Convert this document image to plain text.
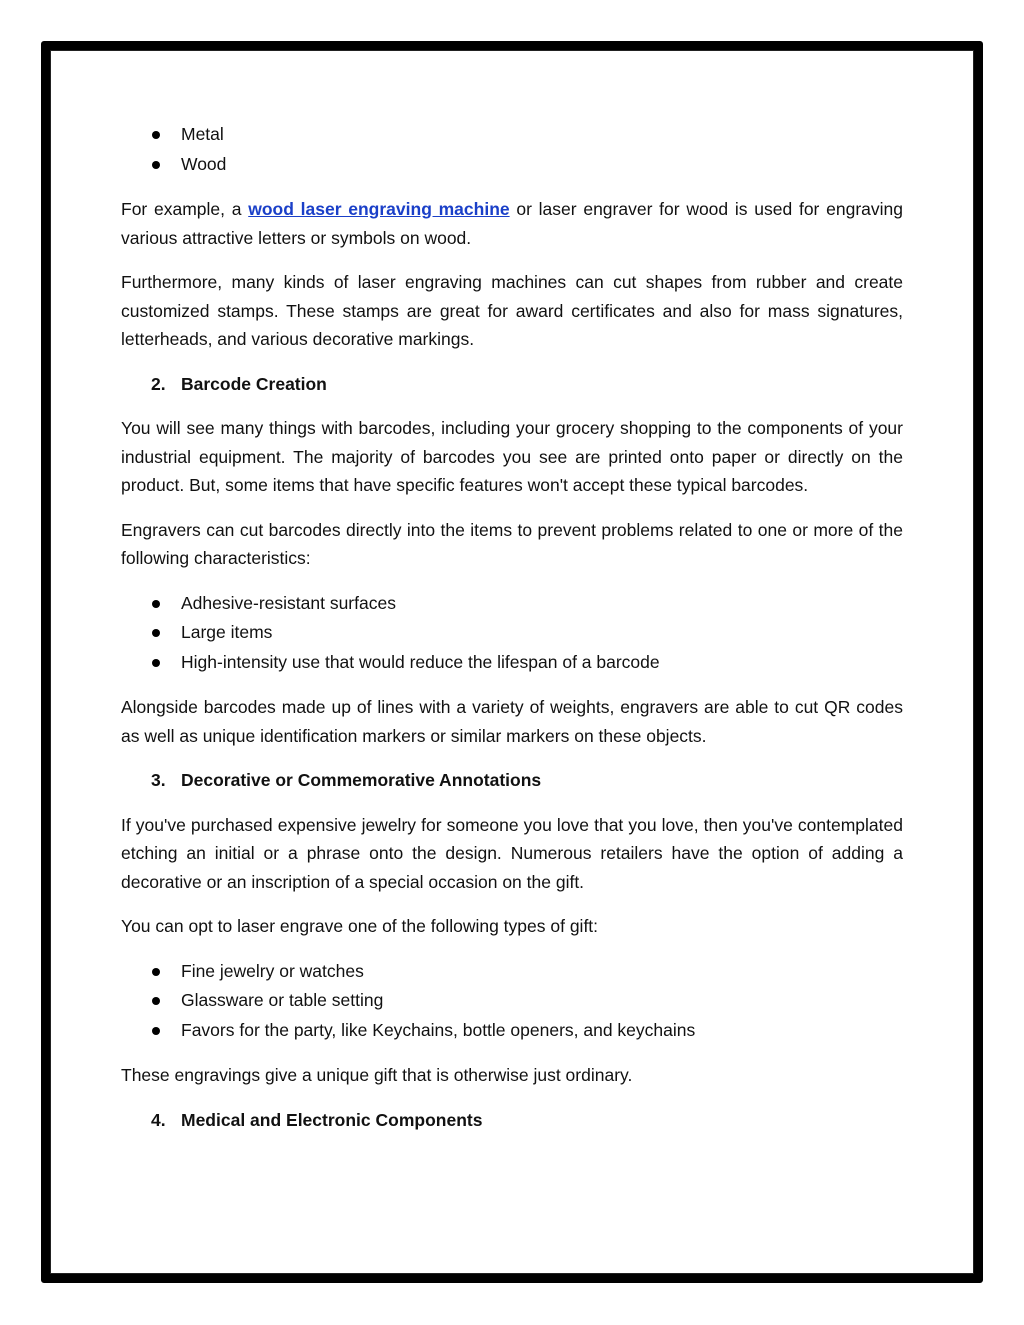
Metal
Wood

For example, a wood laser engraving machine or laser engraver for wood is used for engraving various attractive letters or symbols on wood.

Furthermore, many kinds of laser engraving machines can cut shapes from rubber and create customized stamps. These stamps are great for award certificates and also for mass signatures, letterheads, and various decorative markings.

2. Barcode Creation

You will see many things with barcodes, including your grocery shopping to the components of your industrial equipment. The majority of barcodes you see are printed onto paper or directly on the product. But, some items that have specific features won't accept these typical barcodes.

Engravers can cut barcodes directly into the items to prevent problems related to one or more of the following characteristics:

Adhesive-resistant surfaces
Large items
High-intensity use that would reduce the lifespan of a barcode

Alongside barcodes made up of lines with a variety of weights, engravers are able to cut QR codes as well as unique identification markers or similar markers on these objects.

3. Decorative or Commemorative Annotations

If you've purchased expensive jewelry for someone you love that you love, then you've contemplated etching an initial or a phrase onto the design. Numerous retailers have the option of adding a decorative or an inscription of a special occasion on the gift.

You can opt to laser engrave one of the following types of gift:

Fine jewelry or watches
Glassware or table setting
Favors for the party, like Keychains, bottle openers, and keychains

These engravings give a unique gift that is otherwise just ordinary.

4. Medical and Electronic Components
